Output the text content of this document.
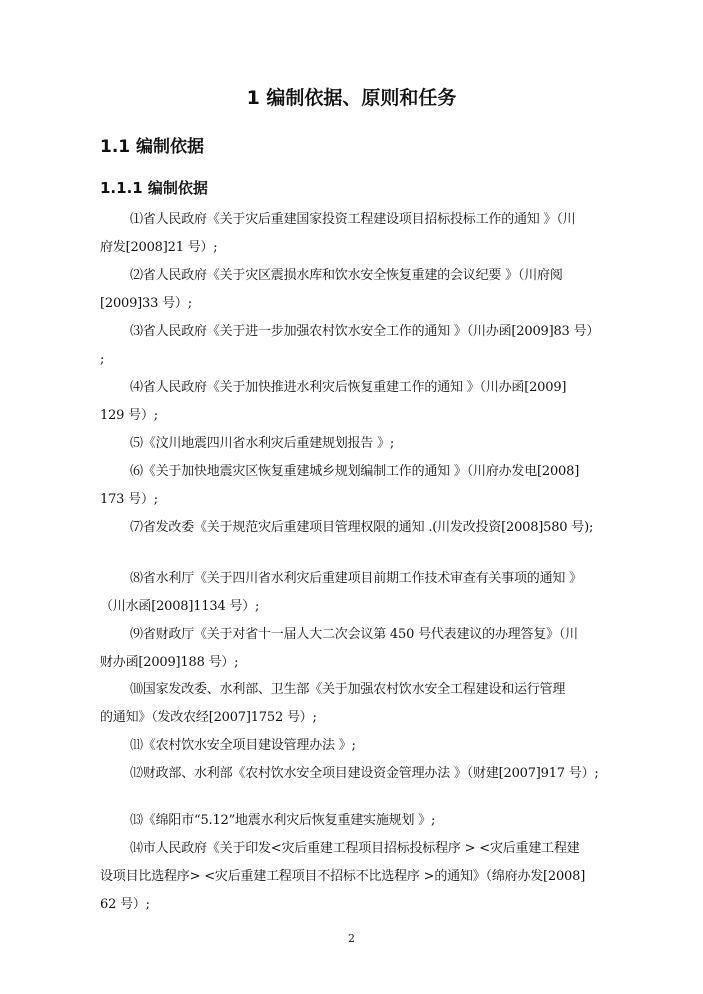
1 编制依据、原则和任务
1.1 编制依据
1.1.1 编制依据
⑴省人民政府《关于灾后重建国家投资工程建设项目招标投标工作的通知 》（川
府发[2008]21 号）;
⑵省人民政府《关于灾区震损水库和饮水安全恢复重建的会议纪要 》（川府阅
[2009]33 号）;
⑶省人民政府《关于进一步加强农村饮水安全工作的通知 》（川办函[2009]83 号）
;
⑷省人民政府《关于加快推进水利灾后恢复重建工作的通知 》（川办函[2009]
129 号）;
⑸《汶川地震四川省水利灾后重建规划报告 》;
⑹《关于加快地震灾区恢复重建城乡规划编制工作的通知 》（川府办发电[2008]
173 号）;
⑺省发改委《关于规范灾后重建项目管理权限的通知 .(川发改投资[2008]580 号);
⑻省水利厅《关于四川省水利灾后重建项目前期工作技术审查有关事项的通知 》
（川水函[2008]1134 号）;
⑼省财政厅《关于对省十一届人大二次会议第 450 号代表建议的办理答复》（川
财办函[2009]188 号）;
⑽国家发改委、水利部、卫生部《关于加强农村饮水安全工程建设和运行管理
的通知》（发改农经[2007]1752 号）;
⑾《农村饮水安全项目建设管理办法 》;
⑿财政部、水利部《农村饮水安全项目建设资金管理办法 》（财建[2007]917 号）;
⒀《绵阳市“5.12”地震水利灾后恢复重建实施规划 》;
⒁市人民政府《关于印发<灾后重建工程项目招标投标程序 > <灾后重建工程建
设项目比选程序> <灾后重建工程项目不招标不比选程序 >的通知》（绵府办发[2008]
62 号）;
2
